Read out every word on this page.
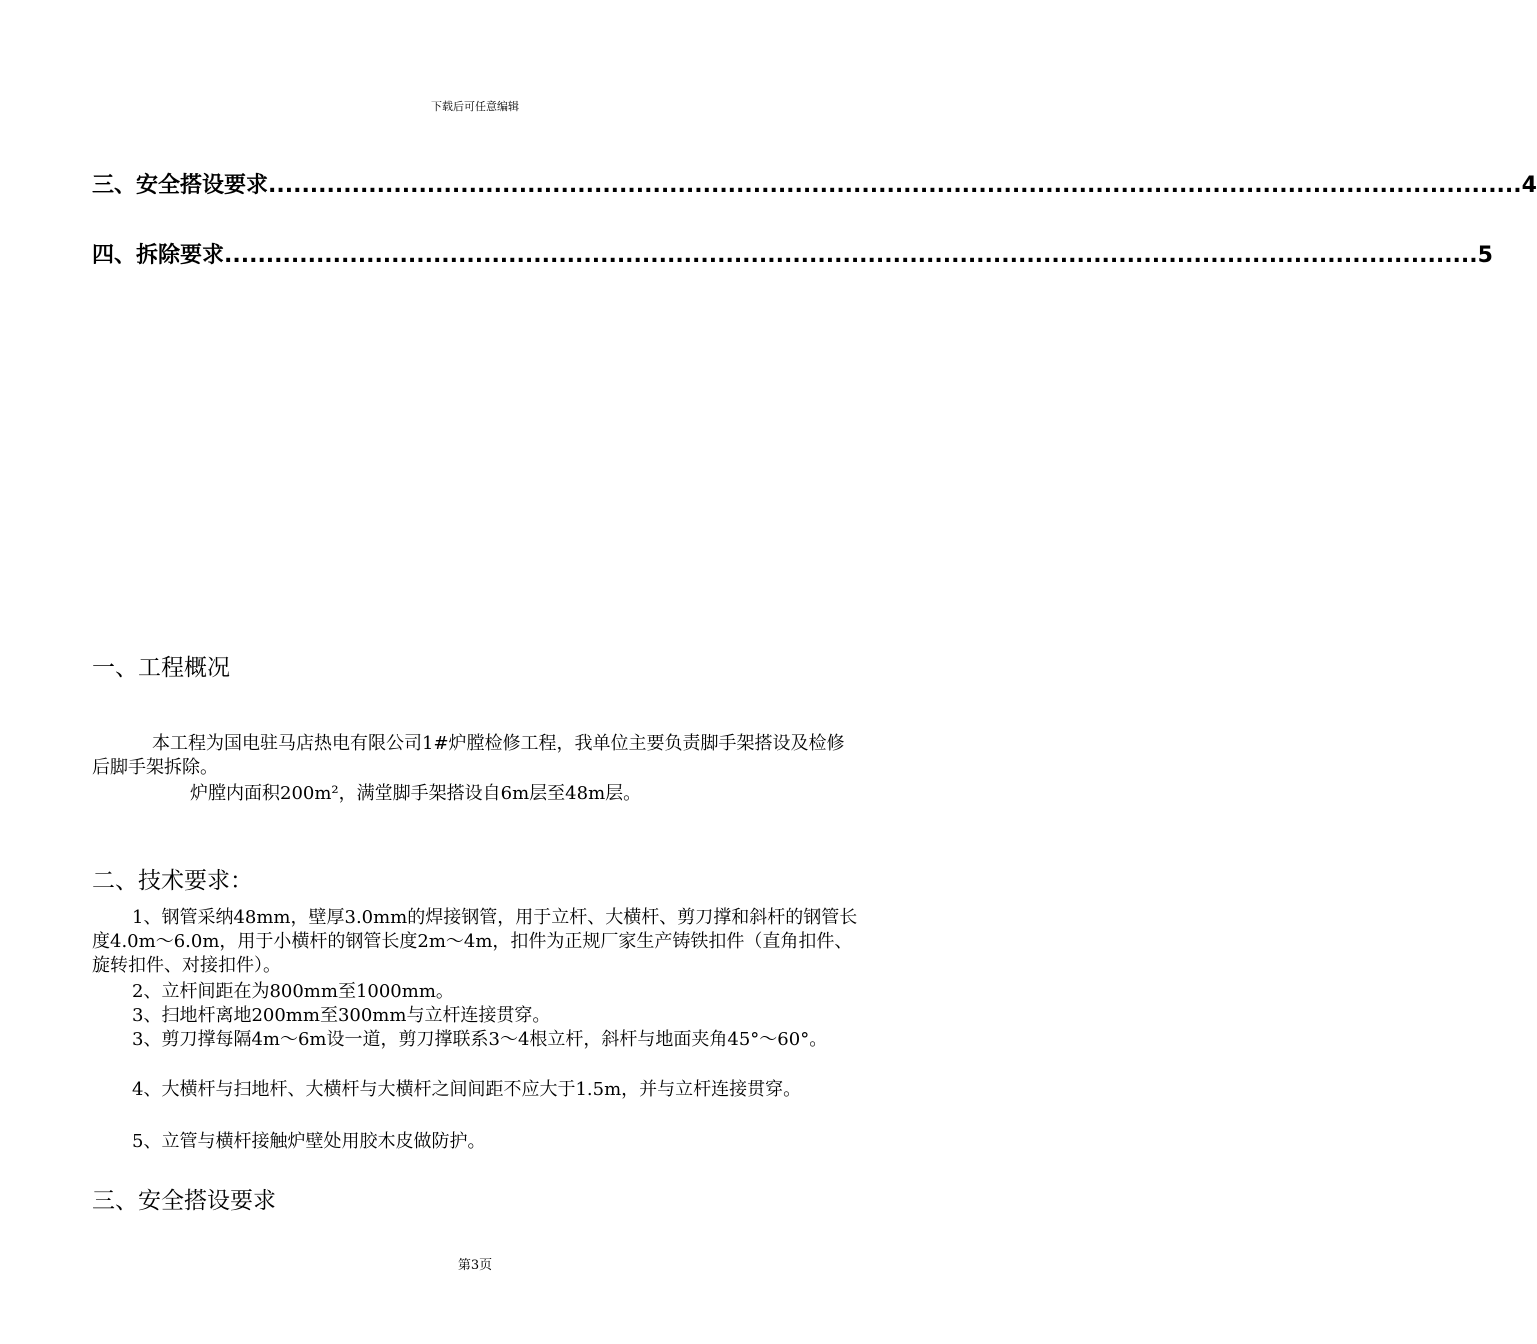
下载后可任意编辑
三、安全搭设要求 ...................................................................................................................................................... 4
四、拆除要求 ...................................................................................................................................................... 5
一、工程概况
本工程为国电驻马店热电有限公司1#炉膛检修工程，我单位主要负责脚手架搭设及检修后脚手架拆除。
炉膛内面积200m²，满堂脚手架搭设自6m层至48m层。
二、技术要求：
1、钢管采纳48mm，壁厚3.0mm的焊接钢管，用于立杆、大横杆、剪刀撑和斜杆的钢管长度4.0m～6.0m，用于小横杆的钢管长度2m～4m，扣件为正规厂家生产铸铁扣件（直角扣件、旋转扣件、对接扣件）。
2、立杆间距在为800mm至1000mm。
3、扫地杆离地200mm至300mm与立杆连接贯穿。
3、剪刀撑每隔4m～6m设一道，剪刀撑联系3～4根立杆，斜杆与地面夹角45°～60°。
4、大横杆与扫地杆、大横杆与大横杆之间间距不应大于1.5m，并与立杆连接贯穿。
5、立管与横杆接触炉壁处用胶木皮做防护。
三、安全搭设要求
第3页
